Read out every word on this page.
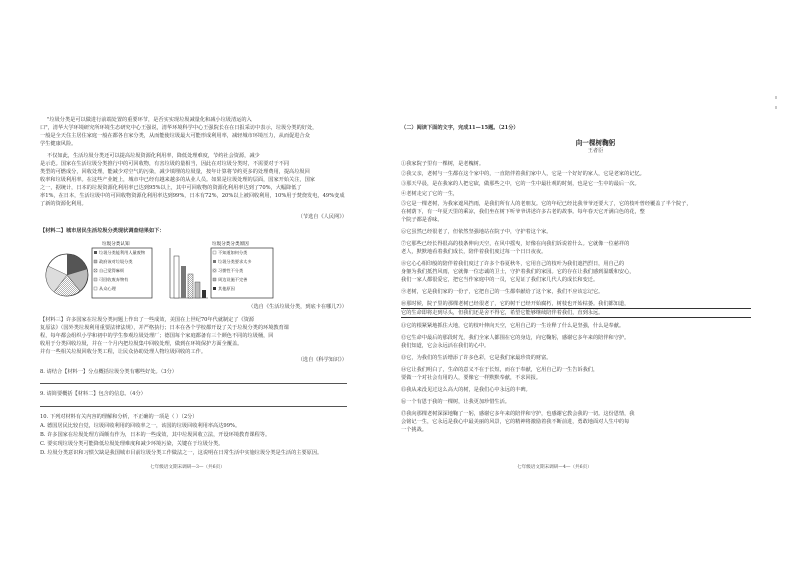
"垃圾分类是可以做进行前端处置的重要环节，是否实实现垃圾减量化和减小垃圾清运的入
口"，清华大学环境研究所环境生态研究中心王强说，清华环境科学中心王强院长在在日报采访中表示，垃圾分类的好处，
一般是全天住主居住家庭一般在都各自家分类，从而能使垃圾最大可能形成利用率，减轻城市环境压力，从而促进合众
学生健康风险。
不仅如此，生活垃圾分类还可以提高垃圾资源化利用率，降低处理难度，节约社会资源，减少
是示范。国家在生活垃圾分类推行中的可回收物，有害垃圾的量相当，因此在对垃圾分类时，不需要对于不同
类型的可燃成分，回收处理，能减少对空气的污染，减少填埋的垃圾量，按年计算将节约更多的处理费用，提高垃圾回
收率和垃圾利用率。在这些产业链上，城市中已经有越来越多的从业人员。如果是垃圾处理的层面，国家开始关注，国家
之一，据统计，日本的垃圾资源化利用率已达到95%以上，其中可回收物的资源化利用率达到了70%，大幅降低了
率1%，在日本，生活垃圾中的可回收物资源化利用率达到99%，日本有72%，20%以上被回收利用，10%用于焚烧发电，49%变成
了新的资源化利用。
（节选自《人民网》）
【材料二】城市居民生活垃圾分类现状调查结果如下：
垃圾分类认知
垃圾分类能利用人量废物
政府该对垃圾分类
自己觉得麻烦
可回收废弃物有
从众心理
垃圾分类分类原因
不知道如何分类
垃圾分类要求太多
习惯性不分类
周边设施不完善
其他原因
（选自《生活垃圾分类，到底卡在哪儿?》）
【材料三】许多国家在垃圾分类问题上作出了一些成效，美国在上世纪70年代就制定了《资源
复原法》（国外类垃圾利用重要法律法规），并严格执行；日本在各个学校都开设了关于垃圾分类的环境教育课
程，每年都会组织小学和初中的学生参观垃圾处理厂；德国每个家庭都备有三个颜色不同的垃圾桶，回
收用于分类回收垃圾，并在一个月内把垃圾集中回收处理，做到在环境保护方面全覆盖。
并有一些相关垃圾回收分类工程，让民众协助处理人物垃圾回收的工作。
（选自《科学知识》）
8. 请结合【材料一】分点概括垃圾分类有哪些好处。（3分）
9. 请简要概括【材料二】包含的信息。（4分）
10. 下列对材料有关内容的理解和分析，不正确的一项是（ ）（2分）
A. 德国居民比较自觉，垃圾回收利用的回收率之一，该国的垃圾回收利用率高达99%。
B. 许多国家在垃圾处理方面颇有作为，日本的一些成效，其中垃圾回收立法，开设环境教育课程等。
C. 要实现垃圾分类可能降低垃圾处理难度和减少环境污染，关键在于垃圾分类。
D. 垃圾分类意识和习惯欠缺是我国城市目前垃圾分类工作做法之一，这说明在日常生活中实施垃圾分类是生活的主要原因。
七年级语文期末调研—3—（共6页）
（二）阅读下面的文字，完成11—15题。（21分）
向一棵树鞠躬
王者臣
①我家院子里有一棵树，是老槐树。
②我父亲，老树与一生都在这个家中的，一直陪伴着我们家中人，它是一个好好的家人，它是老家的记忆。
③那天早晨，是在我家的人把它砍，做那些之中，它的一生中最壮观的时刻，也是它一生中的最后一次。
④老树走完了它的一生，
⑤它是一棵老树，为我家遮风挡雨，是我们所有人的老朋友。它的年纪已经比我爷爷还要大了，它的枝叶曾经覆盖了半个院子，
在树荫下，有一年夏天里的乘凉，我们坐在树下听爷爷讲述许多古老的故事。每年春天它开满白色的花，整
个院子都是香味。
⑥它虽然已经很老了，但依然坚强地站在院子中，守护着这个家。
⑦它那些已经长得很高的枝条伸向天空，在风中摇曳，好像在向我们诉说着什么。它就像一位慈祥的
老人，默默地看着我们成长，陪伴着我们度过每一个日日夜夜。
⑧它心心相印般的陪伴着我们度过了许多个春夏秋冬，它用自己的枝叶为我们遮挡烈日，用自己的
身躯为我们抵挡风雨，它就像一位忠诚的卫士，守护着我们的家园。它的存在让我们感到温暖和安心，
我们一家人都很爱它，把它当作家庭中的一员，它见证了我们家几代人的成长和变迁。
⑨老树，它是我们家的一份子，它把自己的一生都奉献给了这个家，我们不应该忘记它。
⑩那时候，院子里的那棵老树已经很老了，它的树干已经开始腐朽，树枝也开始枯萎。我们都知道，
它的生命即将走到尽头，但我们还是舍不得它，希望它能够继续陪伴着我们，直到永远。
⑪它的根紧紧地抓住大地，它的枝叶伸向天空，它用自己的一生诠释了什么是坚强，什么是奉献。
⑫它生命中最后的那段时光，我们全家人都围在它的身边，向它鞠躬，感谢它多年来的陪伴和守护。
我们知道，它会永远活在我们的心中。
⑬它，为我们的生活增添了许多色彩，它是我们家最珍贵的财富。
⑭它让我们明白了，生命的意义不在于长短，而在于奉献，它用自己的一生告诉我们，
要做一个对社会有用的人，要像它一样默默奉献，不求回报。
⑮我从来没见过这么高大的树，是我们心中永远的丰碑。
⑯一个有恩于我的一棵树，让我更加珍惜生活。
⑰我向那棵老树深深地鞠了一躬，感谢它多年来的陪伴和守护，也感谢它教会我的一切。这份恩情，我
会铭记一生，它永远是我心中最美丽的风景，它的精神将激励着我不断前进，勇敢地面对人生中的每
一个挑战。
七年级语文期末调研—4—（共6页）
